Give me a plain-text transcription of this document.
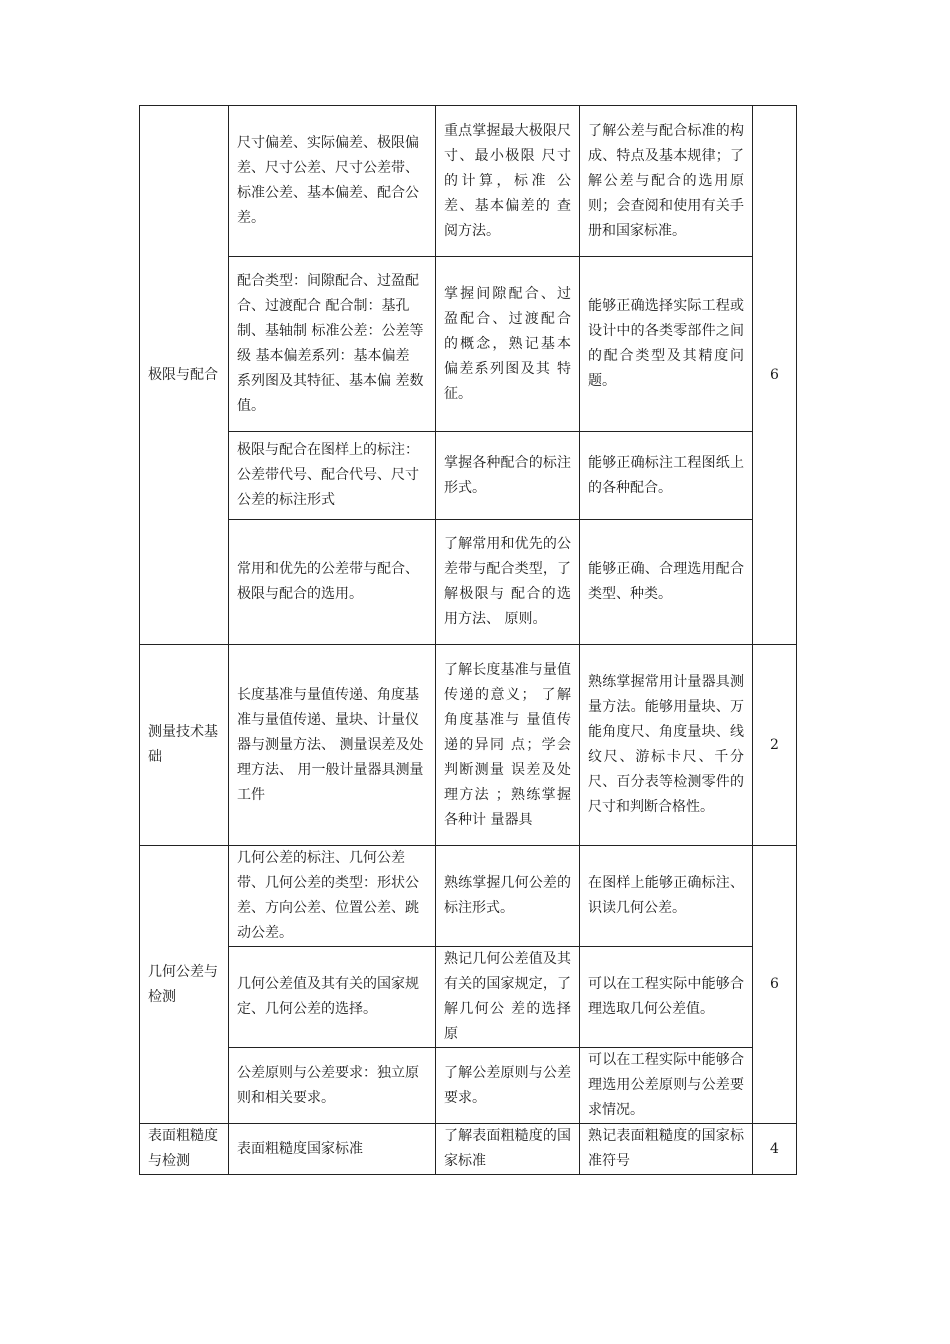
极限与配合	尺寸偏差、实际偏差、极限偏差、尺寸公差、尺寸公差带、标准公差、基本偏差、配合公差。	重点掌握最大极限尺寸、最小极限 尺寸的计算，标准 公差、基本偏差的 查阅方法。	了解公差与配合标准的构成、特点及基本规律；了解公差与配合的选用原则；会查阅和使用有关手册和国家标准。	6

	配合类型：间隙配合、过盈配合、过渡配合 配合制：基孔制、基轴制 标准公差：公差等级 基本偏差系列：基本偏差 系列图及其特征、基本偏 差数值。	掌握间隙配合、过 盈配合、过渡配合 的概念，熟记基本 偏差系列图及其 特征。	能够正确选择实际工程或设计中的各类零部件之间的配合类型及其精度问题。	

	极限与配合在图样上的标注：公差带代号、配合代号、尺寸公差的标注形式	掌握各种配合的标注形式。	能够正确标注工程图纸上的各种配合。	

	常用和优先的公差带与配合、极限与配合的选用。	了解常用和优先的公差带与配合类型，了解极限与 配合的选用方法、 原则。	能够正确、合理选用配合类型、种类。	

测量技术基础	长度基准与量值传递、角度基准与量值传递、量块、计量仪器与测量方法、 测量误差及处理方法、 用一般计量器具测量工件	了解长度基准与量值传递的意义； 了解角度基准与 量值传递的异同 点；学会判断测量 误差及处理方法 ；熟练掌握各种计 量器具	熟练掌握常用计量器具测量方法。能够用量块、万能角度尺、角度量块、线纹尺、游标卡尺、千分尺、百分表等检测零件的尺寸和判断合格性。	2
几何公差与检测	几何公差的标注、几何公差带、几何公差的类型：形状公差、方向公差、位置公差、跳动公差。	熟练掌握几何公差的标注形式。	在图样上能够正确标注、识读几何公差。	6

	几何公差值及其有关的国家规定、几何公差的选择。	熟记几何公差值及其有关的国家规定，了解几何公 差的选择原	可以在工程实际中能够合理选取几何公差值。	

	公差原则与公差要求：独立原则和相关要求。	了解公差原则与公差要求。	可以在工程实际中能够合理选用公差原则与公差要求情况。	

表面粗糙度与检测	表面粗糙度国家标准	了解表面粗糙度的国家标准	熟记表面粗糙度的国家标准符号	4
